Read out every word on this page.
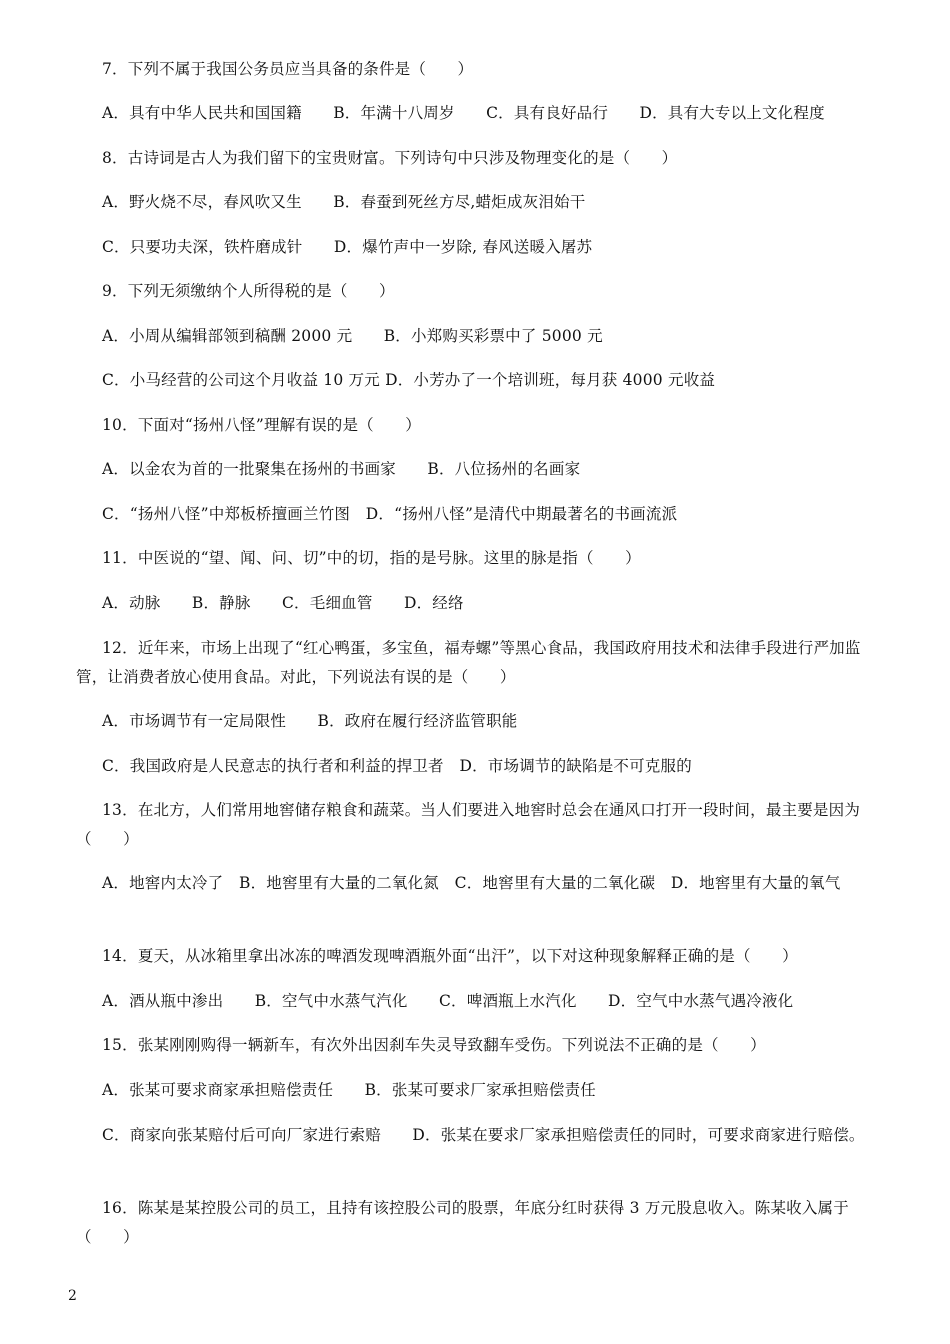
7．下列不属于我国公务员应当具备的条件是（　　）
A．具有中华人民共和国国籍　　B．年满十八周岁　　C．具有良好品行　　D．具有大专以上文化程度
8．古诗词是古人为我们留下的宝贵财富。下列诗句中只涉及物理变化的是（　　）
A．野火烧不尽，春风吹又生　　B．春蚕到死丝方尽,蜡炬成灰泪始干
C．只要功夫深，铁杵磨成针　　D．爆竹声中一岁除, 春风送暖入屠苏
9．下列无须缴纳个人所得税的是（　　）
A．小周从编辑部领到稿酬 2000 元　　B．小郑购买彩票中了 5000 元
C．小马经营的公司这个月收益 10 万元 D．小芳办了一个培训班，每月获 4000 元收益
10．下面对“扬州八怪”理解有误的是（　　）
A．以金农为首的一批聚集在扬州的书画家　　B．八位扬州的名画家
C．“扬州八怪”中郑板桥擅画兰竹图　D．“扬州八怪”是清代中期最著名的书画流派
11．中医说的“望、闻、问、切”中的切，指的是号脉。这里的脉是指（　　）
A．动脉　　B．静脉　　C．毛细血管　　D．经络
12．近年来，市场上出现了“红心鸭蛋，多宝鱼，福寿螺”等黑心食品，我国政府用技术和法律手段进行严加监管，让消费者放心使用食品。对此，下列说法有误的是（　　）
A．市场调节有一定局限性　　B．政府在履行经济监管职能
C．我国政府是人民意志的执行者和利益的捍卫者　D．市场调节的缺陷是不可克服的
13．在北方，人们常用地窖储存粮食和蔬菜。当人们要进入地窖时总会在通风口打开一段时间，最主要是因为（　　）
A．地窖内太冷了　B．地窖里有大量的二氧化氮　C．地窖里有大量的二氧化碳　D．地窖里有大量的氧气
14．夏天，从冰箱里拿出冰冻的啤酒发现啤酒瓶外面“出汗”，以下对这种现象解释正确的是（　　）
A．酒从瓶中渗出　　B．空气中水蒸气汽化　　C．啤酒瓶上水汽化　　D．空气中水蒸气遇冷液化
15．张某刚刚购得一辆新车，有次外出因刹车失灵导致翻车受伤。下列说法不正确的是（　　）
A．张某可要求商家承担赔偿责任　　B．张某可要求厂家承担赔偿责任
C．商家向张某赔付后可向厂家进行索赔　　D．张某在要求厂家承担赔偿责任的同时，可要求商家进行赔偿。
16．陈某是某控股公司的员工，且持有该控股公司的股票，年底分红时获得 3 万元股息收入。陈某收入属于（　　）
2
